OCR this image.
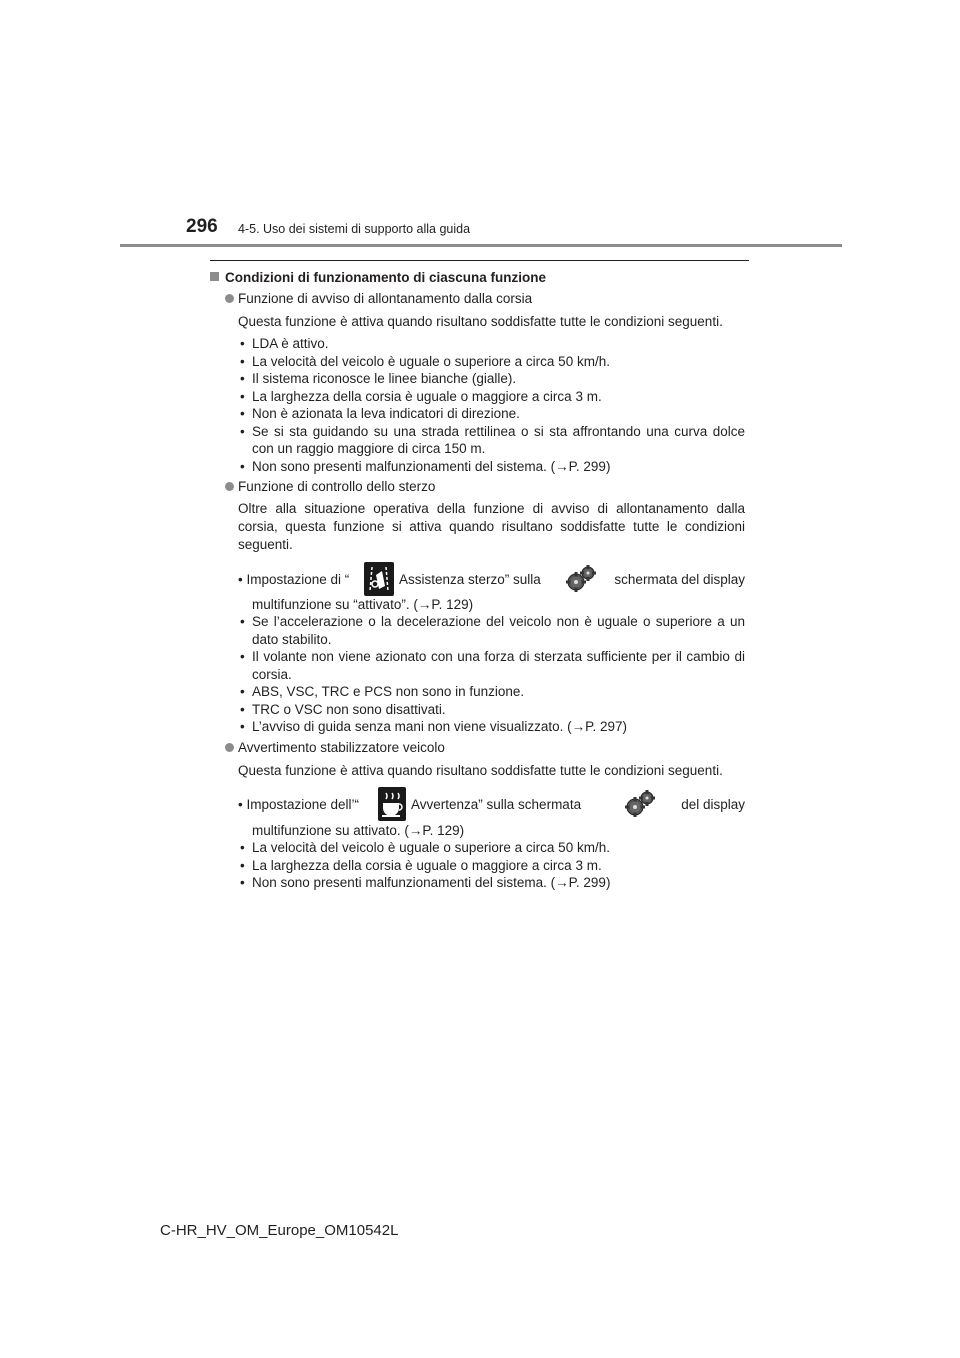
296 4-5. Uso dei sistemi di supporto alla guida
Condizioni di funzionamento di ciascuna funzione
Funzione di avviso di allontanamento dalla corsia
Questa funzione è attiva quando risultano soddisfatte tutte le condizioni seguenti.
• LDA è attivo.
• La velocità del veicolo è uguale o superiore a circa 50 km/h.
• Il sistema riconosce le linee bianche (gialle).
• La larghezza della corsia è uguale o maggiore a circa 3 m.
• Non è azionata la leva indicatori di direzione.
• Se si sta guidando su una strada rettilinea o si sta affrontando una curva dolce con un raggio maggiore di circa 150 m.
• Non sono presenti malfunzionamenti del sistema. (→P. 299)
Funzione di controllo dello sterzo
Oltre alla situazione operativa della funzione di avviso di allontanamento dalla corsia, questa funzione si attiva quando risultano soddisfatte tutte le condizioni seguenti.
• Impostazione di “	Assistenza sterzo” sulla	schermata del display
multifunzione su “attivato”. (→P. 129)
• Se l’accelerazione o la decelerazione del veicolo non è uguale o superiore a un dato stabilito.
• Il volante non viene azionato con una forza di sterzata sufficiente per il cambio di corsia.
• ABS, VSC, TRC e PCS non sono in funzione.
• TRC o VSC non sono disattivati.
• L’avviso di guida senza mani non viene visualizzato. (→P. 297)
Avvertimento stabilizzatore veicolo
Questa funzione è attiva quando risultano soddisfatte tutte le condizioni seguenti.
• Impostazione dell’“	Avvertenza” sulla schermata	del display
multifunzione su attivato. (→P. 129)
• La velocità del veicolo è uguale o superiore a circa 50 km/h.
• La larghezza della corsia è uguale o maggiore a circa 3 m.
• Non sono presenti malfunzionamenti del sistema. (→P. 299)
C-HR_HV_OM_Europe_OM10542L
